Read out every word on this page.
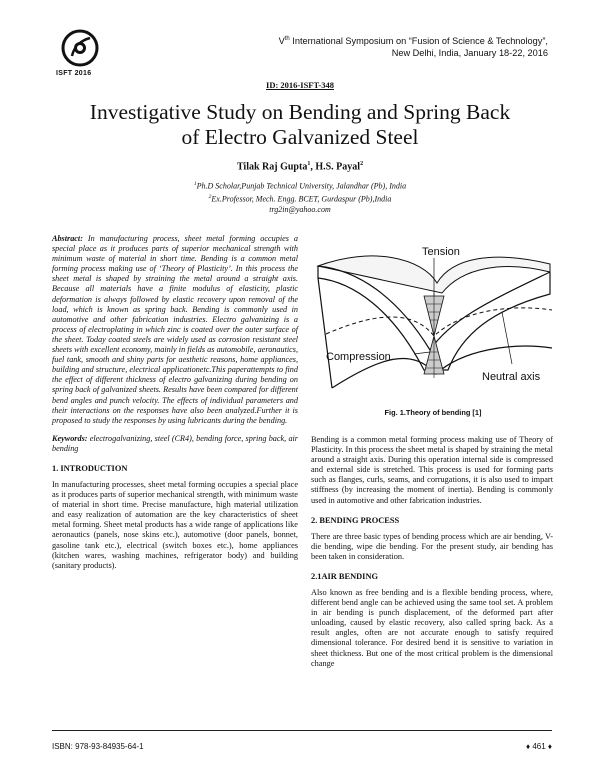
ISFT 2016
Vth International Symposium on “Fusion of Science & Technology”,
New Delhi, India, January 18-22, 2016
ID: 2016-ISFT-348
Investigative Study on Bending and Spring Back
of Electro Galvanized Steel
Tilak Raj Gupta$^1$, H.S. Payal$^2$
$^1$Ph.D Scholar,Punjab Technical University, Jalandhar (Pb), India
$^2$Ex.Professor, Mech. Engg. BCET, Gurdaspur (Pb),India
trg2in@yahoo.com

Abstract: In manufacturing process, sheet metal forming occupies a special place as it produces parts of superior mechanical strength with minimum waste of material in short time. Bending is a common metal forming process making use of ‘Theory of Plasticity’. In this process the sheet metal is shaped by straining the metal around a straight axis. Because all materials have a finite modulus of elasticity, plastic deformation is always followed by elastic recovery upon removal of the load, which is known as spring back. Bending is commonly used in automotive and other fabrication industries. Electro galvanizing is a process of electroplating in which zinc is coated over the outer surface of the sheet. Today coated steels are widely used as corrosion resistant steel sheets with excellent economy, mainly in fields as automobile, aeronautics, fuel tank, smooth and shiny parts for aesthetic reasons, home appliances, building and structure, electrical applicationetc.This paperattempts to find the effect of different thickness of electro galvanizing during bending on spring back of galvanized sheets. Results have been compared for different bend angles and punch velocity. The effects of individual parameters and their interactions on the responses have also been analyzed.Further it is proposed to study the responses by using lubricants during the bending.

Keywords: electrogalvanizing, steel (CR4), bending force, spring back, air bending

1. INTRODUCTION

In manufacturing processes, sheet metal forming occupies a special place as it produces parts of superior mechanical strength, with minimum waste of material in short time. Precise manufacture, high material utilization and easy realization of automation are the key characteristics of sheet metal forming. Sheet metal products has a wide range of applications like aeronautics (panels, nose skins etc.), automotive (door panels, bonnet, gasoline tank etc.), electrical (switch boxes etc.), home appliances (kitchen wares, washing machines, refrigerator body) and building (sanitary products).

Tension
Compression
Neutral axis
Fig. 1.Theory of bending [1]

Bending is a common metal forming process making use of Theory of Plasticity. In this process the sheet metal is shaped by straining the metal around a straight axis. During this operation internal side is compressed and external side is stretched. This process is used for forming parts such as flanges, curls, seams, and corrugations, it is also used to impart stiffness (by increasing the moment of inertia). Bending is commonly used in automotive and other fabrication industries.

2. BENDING PROCESS

There are three basic types of bending process which are air bending, V-die bending, wipe die bending. For the present study, air bending has been taken in consideration.

2.1AIR BENDING

Also known as free bending and is a flexible bending process, where, different bend angle can be achieved using the same tool set. A problem in air bending is punch displacement, of the deformed part after unloading, caused by elastic recovery, also called spring back. As a result angles, often are not accurate enough to satisfy required dimensional tolerance. For desired bend it is sensitive to variation in sheet thickness. But one of the most critical problem is the dimensional change

ISBN: 978-93-84935-64-1	♦ 461 ♦
